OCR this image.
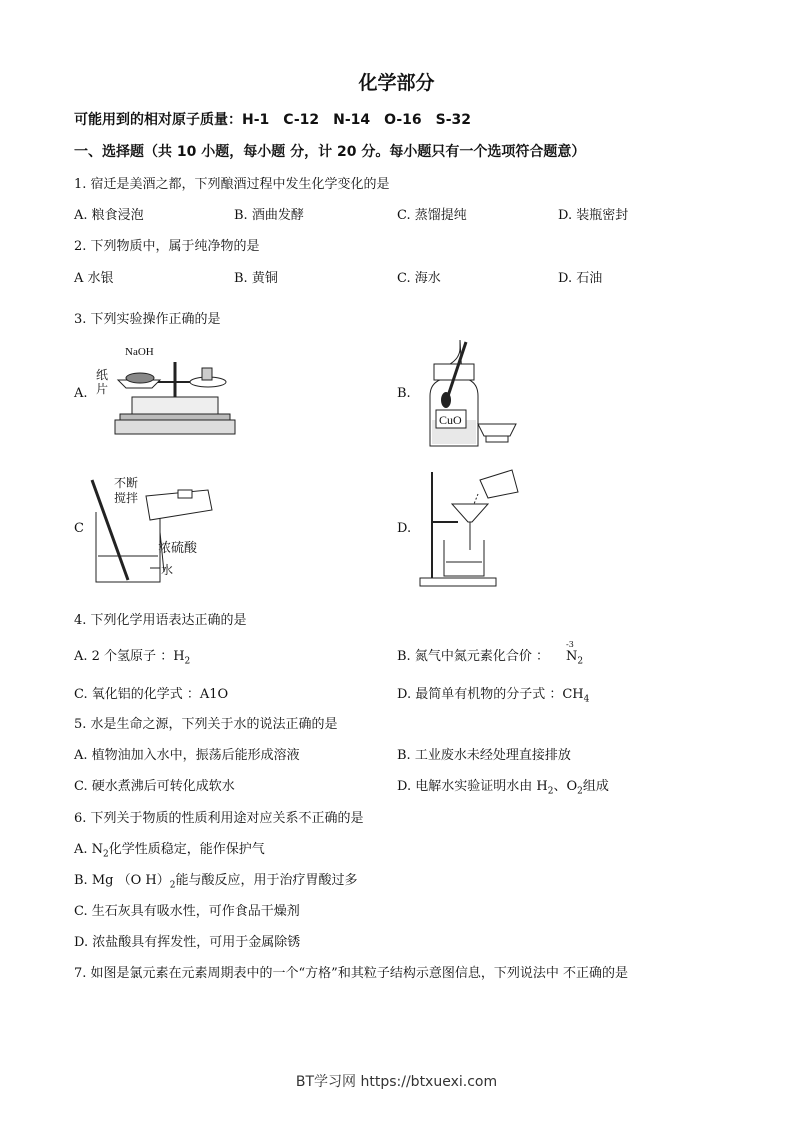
化学部分
可能用到的相对原子质量：H-1　C-12　N-14　O-16　S-32
一、选择题（共 10 小题，每小题 分，计 20 分。每小题只有一个选项符合题意）
1. 宿迁是美酒之都，下列酿酒过程中发生化学变化的是
A. 粮食浸泡	B. 酒曲发酵	C. 蒸馏提纯	D. 装瓶密封
2. 下列物质中，属于纯净物的是
A 水银	B. 黄铜	C. 海水	D. 石油
3. 下列实验操作正确的是
A.	B.
C	D.
NaOH
纸
片
CuO
不断
搅拌
浓硫酸
水
4. 下列化学用语表达正确的是
A. 2 个氢原子 ：$H_2$	B. 氮气中氮元素化合价 ：
-3
$N_2$
C. 氧化铝的化学式 ：A1O	D. 最简单有机物的分子式 ：$CH_4$
5. 水是生命之源，下列关于水的说法正确的是
A. 植物油加入水中，振荡后能形成溶液	B. 工业废水未经处理直接排放
C. 硬水煮沸后可转化成软水	D. 电解水实验证明水由 $H_2$、$O_2$组成
6. 下列关于物质的性质利用途对应关系不正确的是
A. $N_2$化学性质稳定，能作保护气
B. Mg （O $H)_2$能与酸反应，用于治疗胃酸过多
C. 生石灰具有吸水性，可作食品干燥剂
D. 浓盐酸具有挥发性，可用于金属除锈
7. 如图是氯元素在元素周期表中的一个“方格”和其粒子结构示意图信息，下列说法中 不正确的是
BT学习网 https://btxuexi.com
